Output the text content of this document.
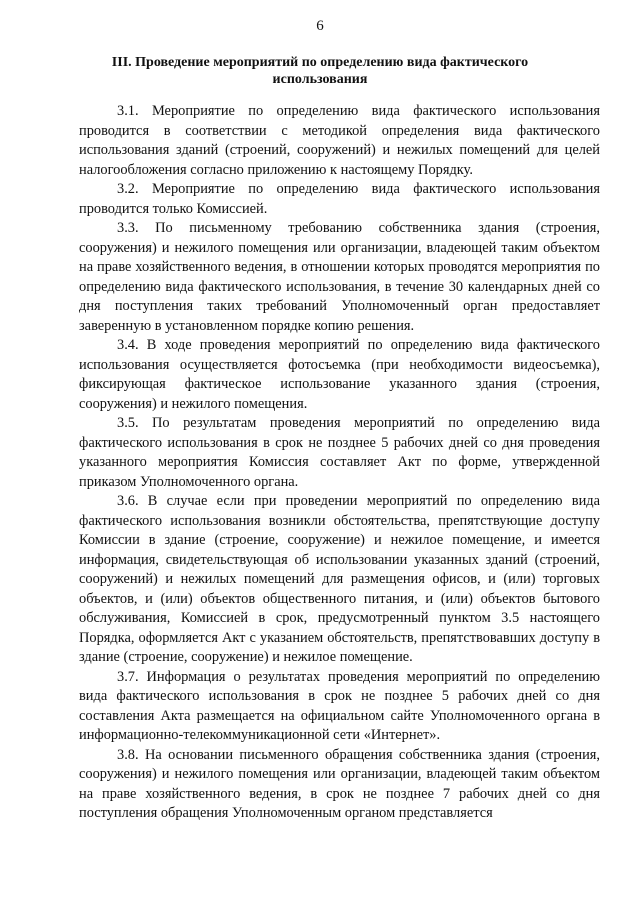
6
III. Проведение мероприятий по определению вида фактического использования

3.1. Мероприятие по определению вида фактического использования проводится в соответствии с методикой определения вида фактического использования зданий (строений, сооружений) и нежилых помещений для целей налогообложения согласно приложению к настоящему Порядку.

3.2. Мероприятие по определению вида фактического использования проводится только Комиссией.

3.3. По письменному требованию собственника здания (строения, сооружения) и нежилого помещения или организации, владеющей таким объектом на праве хозяйственного ведения, в отношении которых проводятся мероприятия по определению вида фактического использования, в течение 30 календарных дней со дня поступления таких требований Уполномоченный орган предоставляет заверенную в установленном порядке копию решения.

3.4. В ходе проведения мероприятий по определению вида фактического использования осуществляется фотосъемка (при необходимости видеосъемка), фиксирующая фактическое использование указанного здания (строения, сооружения) и нежилого помещения.

3.5. По результатам проведения мероприятий по определению вида фактического использования в срок не позднее 5 рабочих дней со дня проведения указанного мероприятия Комиссия составляет Акт по форме, утвержденной приказом Уполномоченного органа.

3.6. В случае если при проведении мероприятий по определению вида фактического использования возникли обстоятельства, препятствующие доступу Комиссии в здание (строение, сооружение) и нежилое помещение, и имеется информация, свидетельствующая об использовании указанных зданий (строений, сооружений) и нежилых помещений для размещения офисов, и (или) торговых объектов, и (или) объектов общественного питания, и (или) объектов бытового обслуживания, Комиссией в срок, предусмотренный пунктом 3.5 настоящего Порядка, оформляется Акт с указанием обстоятельств, препятствовавших доступу в здание (строение, сооружение) и нежилое помещение.

3.7. Информация о результатах проведения мероприятий по определению вида фактического использования в срок не позднее 5 рабочих дней со дня составления Акта размещается на официальном сайте Уполномоченного органа в информационно-телекоммуникационной сети «Интернет».

3.8. На основании письменного обращения собственника здания (строения, сооружения) и нежилого помещения или организации, владеющей таким объектом на праве хозяйственного ведения, в срок не позднее 7 рабочих дней со дня поступления обращения Уполномоченным органом представляется
